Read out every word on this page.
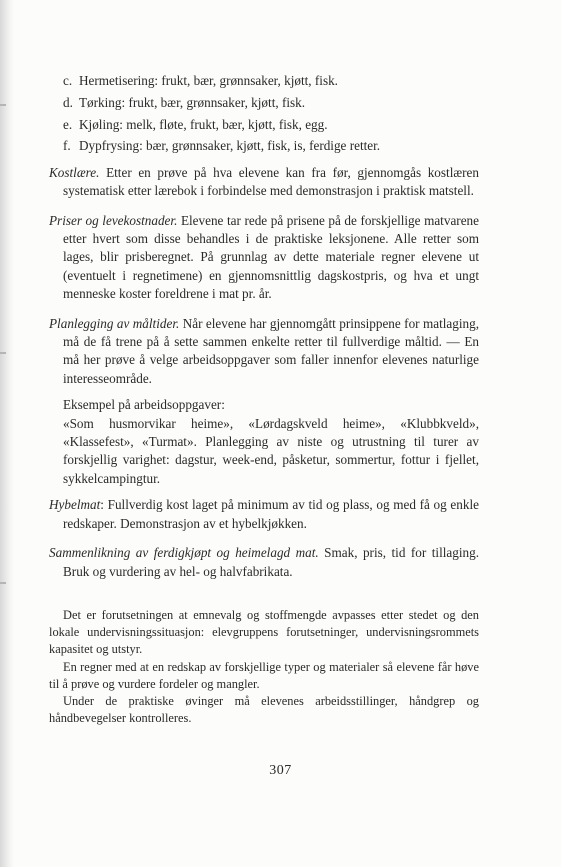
c. Hermetisering: frukt, bær, grønnsaker, kjøtt, fisk.
d. Tørking: frukt, bær, grønnsaker, kjøtt, fisk.
e. Kjøling: melk, fløte, frukt, bær, kjøtt, fisk, egg.
f. Dypfrysing: bær, grønnsaker, kjøtt, fisk, is, ferdige retter.

Kostlære. Etter en prøve på hva elevene kan fra før, gjennomgås kostlæren systematisk etter lærebok i forbindelse med demonstrasjon i praktisk matstell.

Priser og levekostnader. Elevene tar rede på prisene på de forskjellige matvarene etter hvert som disse behandles i de praktiske leksjonene. Alle retter som lages, blir prisberegnet. På grunnlag av dette materiale regner elevene ut (eventuelt i regnetimene) en gjennomsnittlig dagskostpris, og hva et ungt menneske koster foreldrene i mat pr. år.

Planlegging av måltider. Når elevene har gjennomgått prinsippene for matlaging, må de få trene på å sette sammen enkelte retter til fullverdige måltid. — En må her prøve å velge arbeidsoppgaver som faller innenfor elevenes naturlige interesseområde.

Eksempel på arbeidsoppgaver:

«Som husmorvikar heime», «Lørdagskveld heime», «Klubbkveld», «Klassefest», «Turmat». Planlegging av niste og utrustning til turer av forskjellig varighet: dagstur, week-end, påsketur, sommertur, fottur i fjellet, sykkelcampingtur.

Hybelmat: Fullverdig kost laget på minimum av tid og plass, og med få og enkle redskaper. Demonstrasjon av et hybelkjøkken.

Sammenlikning av ferdigkjøpt og heimelagd mat. Smak, pris, tid for tillaging. Bruk og vurdering av hel- og halvfabrikata.

Det er forutsetningen at emnevalg og stoffmengde avpasses etter stedet og den lokale undervisningssituasjon: elevgruppens forutsetninger, undervisningsrommets kapasitet og utstyr.

En regner med at en redskap av forskjellige typer og materialer så elevene får høve til å prøve og vurdere fordeler og mangler.

Under de praktiske øvinger må elevenes arbeidsstillinger, håndgrep og håndbevegelser kontrolleres.

307
